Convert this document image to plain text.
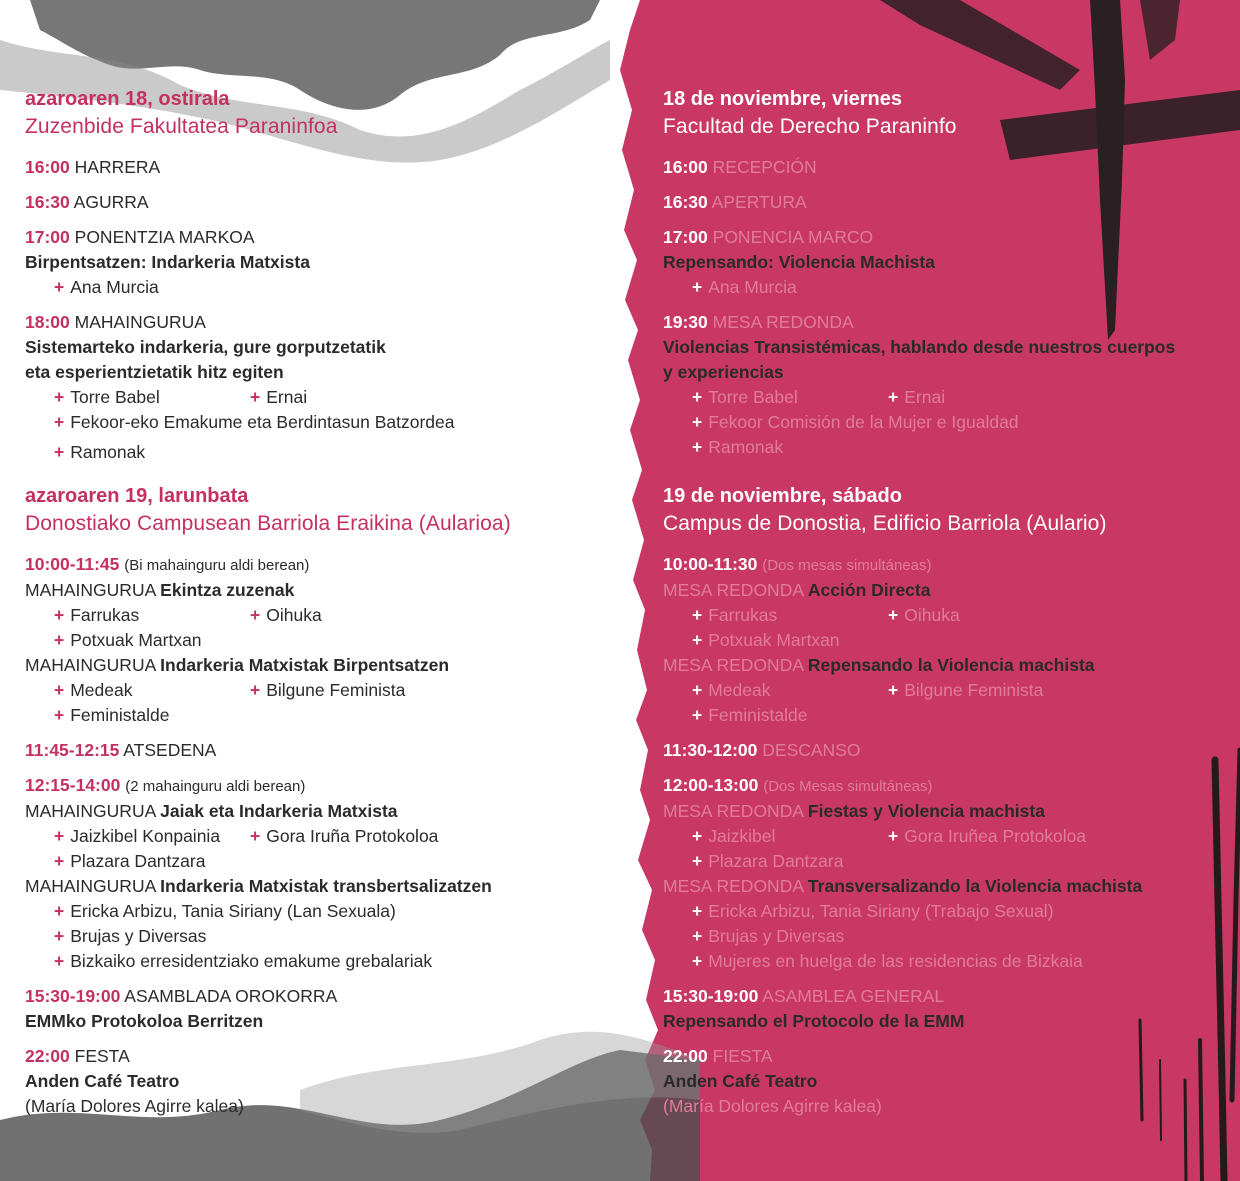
azaroaren 18, ostirala
Zuzenbide Fakultatea Paraninfoa
16:00 HARRERA
16:30 AGURRA
17:00 PONENTZIA MARKOA
Birpentsatzen: Indarkeria Matxista
+ Ana Murcia
18:00 MAHAINGURUA
Sistemarteko indarkeria, gure gorputzetatik
eta esperientzietatik hitz egiten
+ Torre Babel	+ Ernai
+ Fekoor-eko Emakume eta Berdintasun Batzordea
+ Ramonak
azaroaren 19, larunbata
Donostiako Campusean Barriola Eraikina (Aularioa)
10:00-11:45 (Bi mahainguru aldi berean)
MAHAINGURUA Ekintza zuzenak
+ Farrukas	+ Oihuka
+ Potxuak Martxan
MAHAINGURUA Indarkeria Matxistak Birpentsatzen
+ Medeak	+ Bilgune Feminista
+ Feministalde
11:45-12:15 ATSEDENA
12:15-14:00 (2 mahainguru aldi berean)
MAHAINGURUA Jaiak eta Indarkeria Matxista
+ Jaizkibel Konpainia	+ Gora Iruña Protokoloa
+ Plazara Dantzara
MAHAINGURUA Indarkeria Matxistak transbertsalizatzen
+ Ericka Arbizu, Tania Siriany (Lan Sexuala)
+ Brujas y Diversas
+ Bizkaiko erresidentziako emakume grebalariak
15:30-19:00 ASAMBLADA OROKORRA
EMMko Protokoloa Berritzen
22:00 FESTA
Anden Café Teatro
(María Dolores Agirre kalea)
18 de noviembre, viernes
Facultad de Derecho Paraninfo
16:00 RECEPCIÓN
16:30 APERTURA
17:00 PONENCIA MARCO
Repensando: Violencia Machista
+ Ana Murcia
19:30 MESA REDONDA
Violencias Transistémicas, hablando desde nuestros cuerpos
y experiencias
+ Torre Babel	+ Ernai
+ Fekoor Comisión de la Mujer e Igualdad
+ Ramonak
19 de noviembre, sábado
Campus de Donostia, Edificio Barriola (Aulario)
10:00-11:30 (Dos mesas simultáneas)
MESA REDONDA Acción Directa
+ Farrukas	+ Oihuka
+ Potxuak Martxan
MESA REDONDA Repensando la Violencia machista
+ Medeak	+ Bilgune Feminista
+ Feministalde
11:30-12:00 DESCANSO
12:00-13:00 (Dos Mesas simultáneas)
MESA REDONDA Fiestas y Violencia machista
+ Jaizkibel	+ Gora Iruñea Protokoloa
+ Plazara Dantzara
MESA REDONDA Transversalizando la Violencia machista
+ Ericka Arbizu, Tania Siriany (Trabajo Sexual)
+ Brujas y Diversas
+ Mujeres en huelga de las residencias de Bizkaia
15:30-19:00 ASAMBLEA GENERAL
Repensando el Protocolo de la EMM
22:00 FIESTA
Anden Café Teatro
(María Dolores Agirre kalea)
